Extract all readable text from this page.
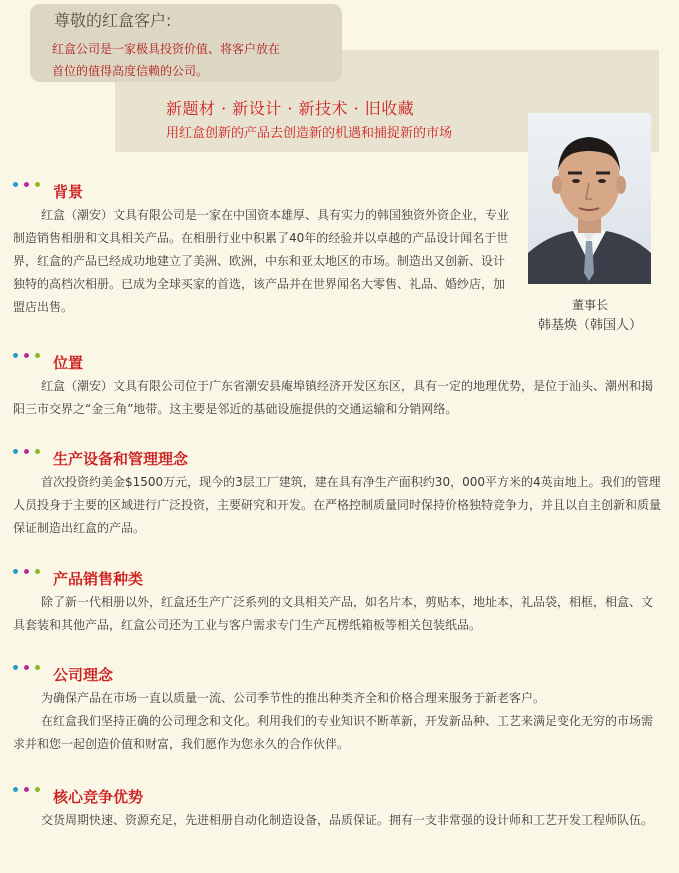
尊敬的红盒客户:
红盒公司是一家极具投资价值、将客户放在
首位的值得高度信赖的公司。
新题材 · 新设计 · 新技术 · 旧收藏
用红盒创新的产品去创造新的机遇和捕捉新的市场
董事长
韩基焕（韩国人）
背景

红盒（潮安）文具有限公司是一家在中国资本雄厚、具有实力的韩国独资外资企业，专业制造销售相册和文具相关产品。在相册行业中积累了40年的经验并以卓越的产品设计闻名于世界，红盒的产品已经成功地建立了美洲、欧洲，中东和亚太地区的市场。制造出又创新、设计独特的高档次相册。已成为全球买家的首选，该产品并在世界闻名大零售、礼品、婚纱店，加盟店出售。

位置

红盒（潮安）文具有限公司位于广东省潮安县庵埠镇经济开发区东区，具有一定的地理优势，是位于汕头、潮州和揭阳三市交界之“金三角”地带。这主要是邻近的基础设施提供的交通运输和分销网络。

生产设备和管理理念

首次投资约美金$1500万元，现今的3层工厂建筑，建在具有净生产面积约30，000平方米的4英亩地上。我们的管理人员投身于主要的区域进行广泛投资，主要研究和开发。在严格控制质量同时保持价格独特竞争力，并且以自主创新和质量保证制造出红盒的产品。

产品销售种类

除了新一代相册以外，红盒还生产广泛系列的文具相关产品，如名片本，剪贴本，地址本，礼品袋，相框，相盒、文具套装和其他产品，红盒公司还为工业与客户需求专门生产瓦楞纸箱板等相关包装纸品。

公司理念

为确保产品在市场一直以质量一流、公司季节性的推出种类齐全和价格合理来服务于新老客户。

在红盒我们坚持正确的公司理念和文化。利用我们的专业知识不断革新，开发新品种、工艺来满足变化无穷的市场需求并和您一起创造价值和财富，我们愿作为您永久的合作伙伴。

核心竞争优势

交货周期快速、资源充足，先进相册自动化制造设备，品质保证。拥有一支非常强的设计师和工艺开发工程师队伍。
